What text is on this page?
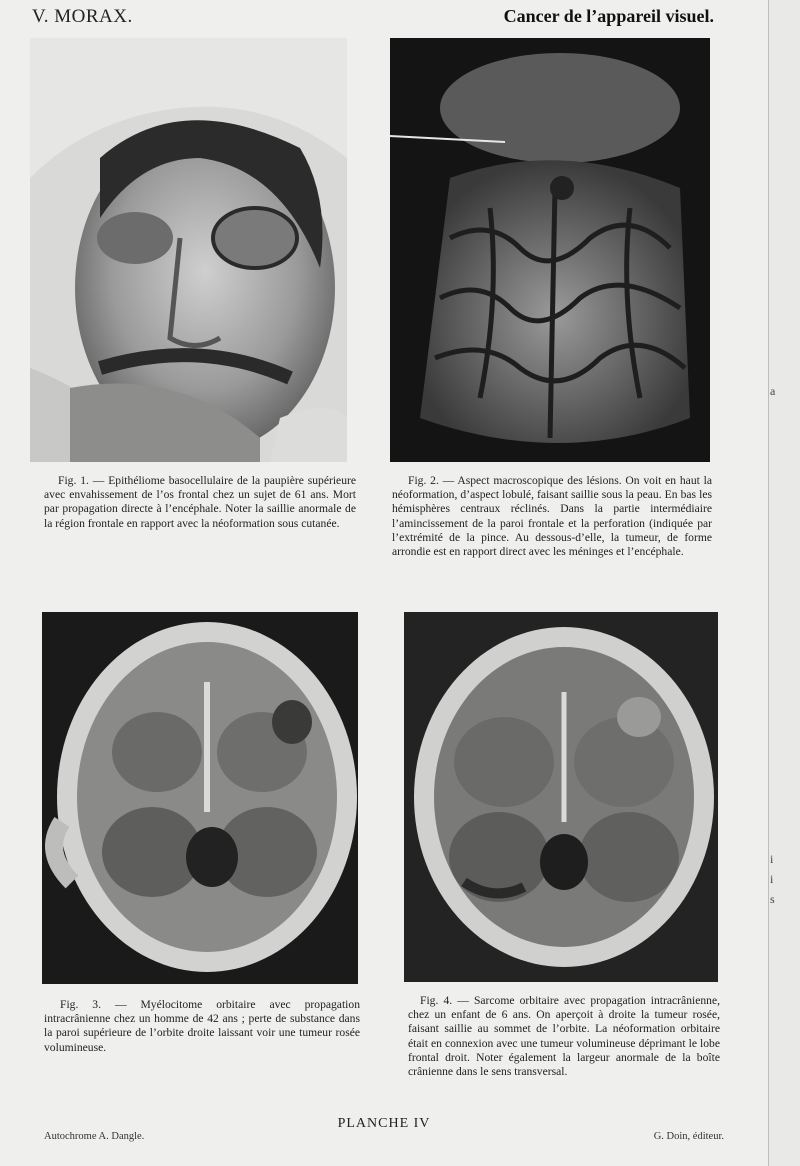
V. MORAX.	Cancer de l’appareil visuel.
Fig. 1. — Epithéliome basocellulaire de la paupière supérieure avec envahissement de l’os frontal chez un sujet de 61 ans. Mort par propagation directe à l’encéphale. Noter la saillie anormale de la région frontale en rapport avec la néoformation sous cutanée.
Fig. 2. — Aspect macroscopique des lésions. On voit en haut la néoformation, d’aspect lobulé, faisant saillie sous la peau. En bas les hémisphères centraux réclinés. Dans la partie intermédiaire l’amincissement de la paroi frontale et la perforation (indiquée par l’extrémité de la pince. Au dessous-d’elle, la tumeur, de forme arrondie est en rapport direct avec les méninges et l’encéphale.
Fig. 3. — Myélocitome orbitaire avec propagation intracrânienne chez un homme de 42 ans ; perte de substance dans la paroi supérieure de l’orbite droite laissant voir une tumeur rosée volumineuse.
Fig. 4. — Sarcome orbitaire avec propagation intracrânienne, chez un enfant de 6 ans. On aperçoit à droite la tumeur rosée, faisant saillie au sommet de l’orbite. La néoformation orbitaire était en connexion avec une tumeur volumineuse déprimant le lobe frontal droit. Noter également la largeur anormale de la boîte crânienne dans le sens transversal.
PLANCHE IV
Autochrome A. Dangle.	G. Doin, éditeur.
a
i
i
s
